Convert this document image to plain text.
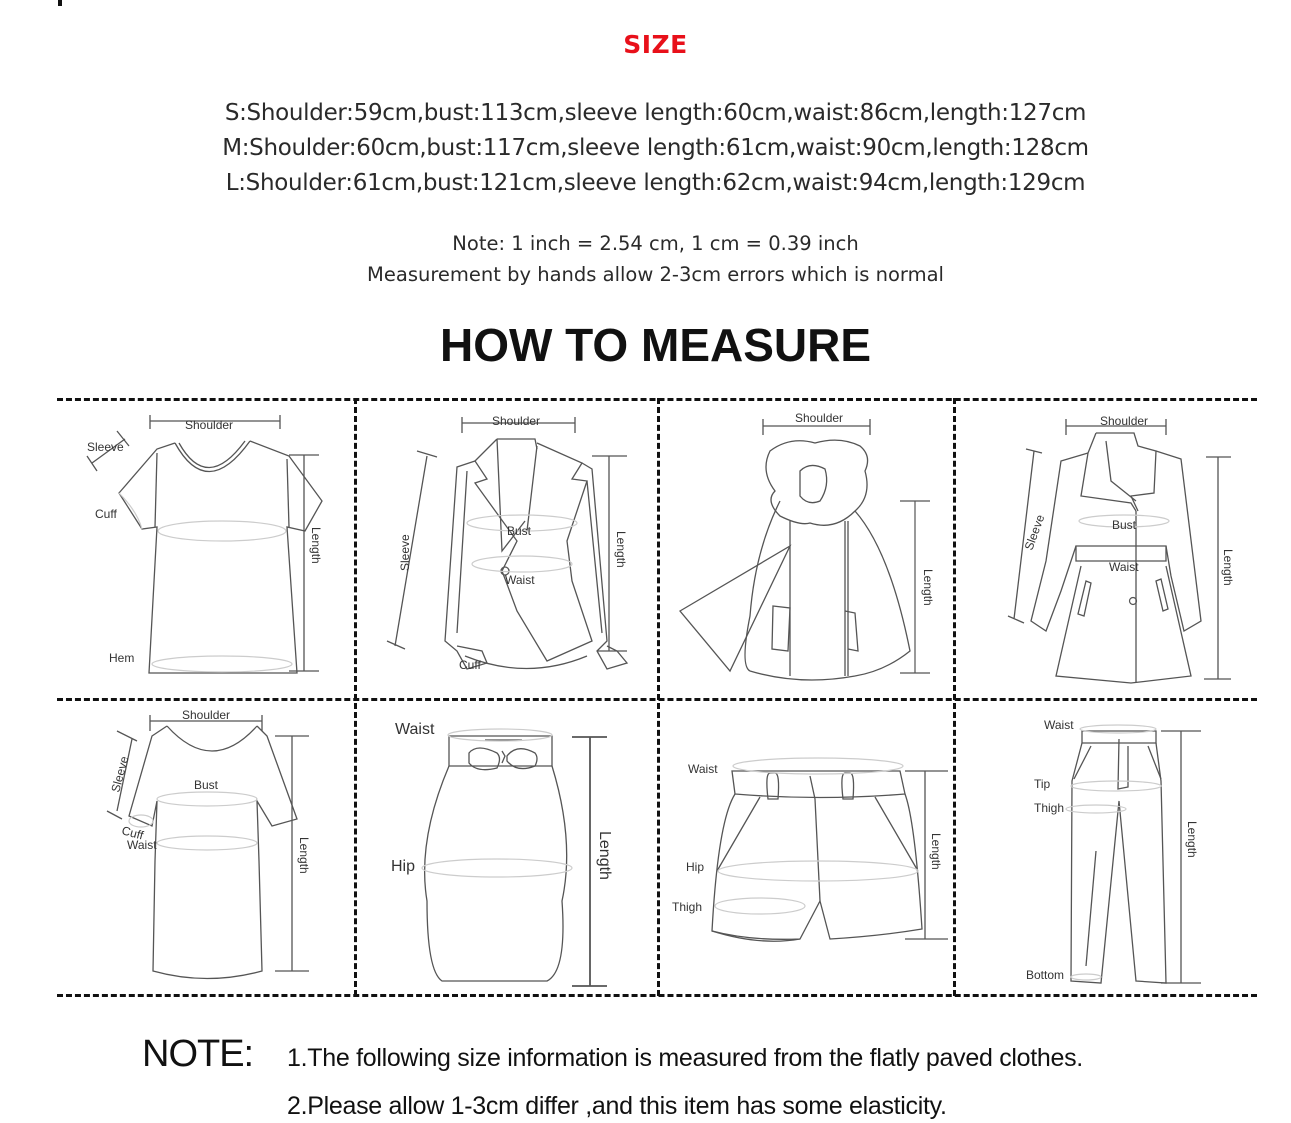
SIZE
S:Shoulder:59cm,bust:113cm,sleeve length:60cm,waist:86cm,length:127cm
M:Shoulder:60cm,bust:117cm,sleeve length:61cm,waist:90cm,length:128cm
L:Shoulder:61cm,bust:121cm,sleeve length:62cm,waist:94cm,length:129cm
Note: 1 inch = 2.54 cm, 1 cm = 0.39 inch
Measurement by hands allow 2-3cm errors which is normal
HOW TO MEASURE
Shoulder
Sleeve
Cuff
Hem
Length
Shoulder
Bust
Waist
Cuff
Sleeve	Length
Shoulder
Length
Shoulder
Bust
Waist
Sleeve
Length
Shoulder
Bust
Cuff
Waist
Sleeve
Length
Waist
Hip	Length
Waist
Hip
Thigh
Length
Waist
Tip
Thigh
Bottom
Length
NOTE: 1.The following size information is measured from the flatly paved clothes.
2.Please allow 1-3cm differ ,and this item has some elasticity.
